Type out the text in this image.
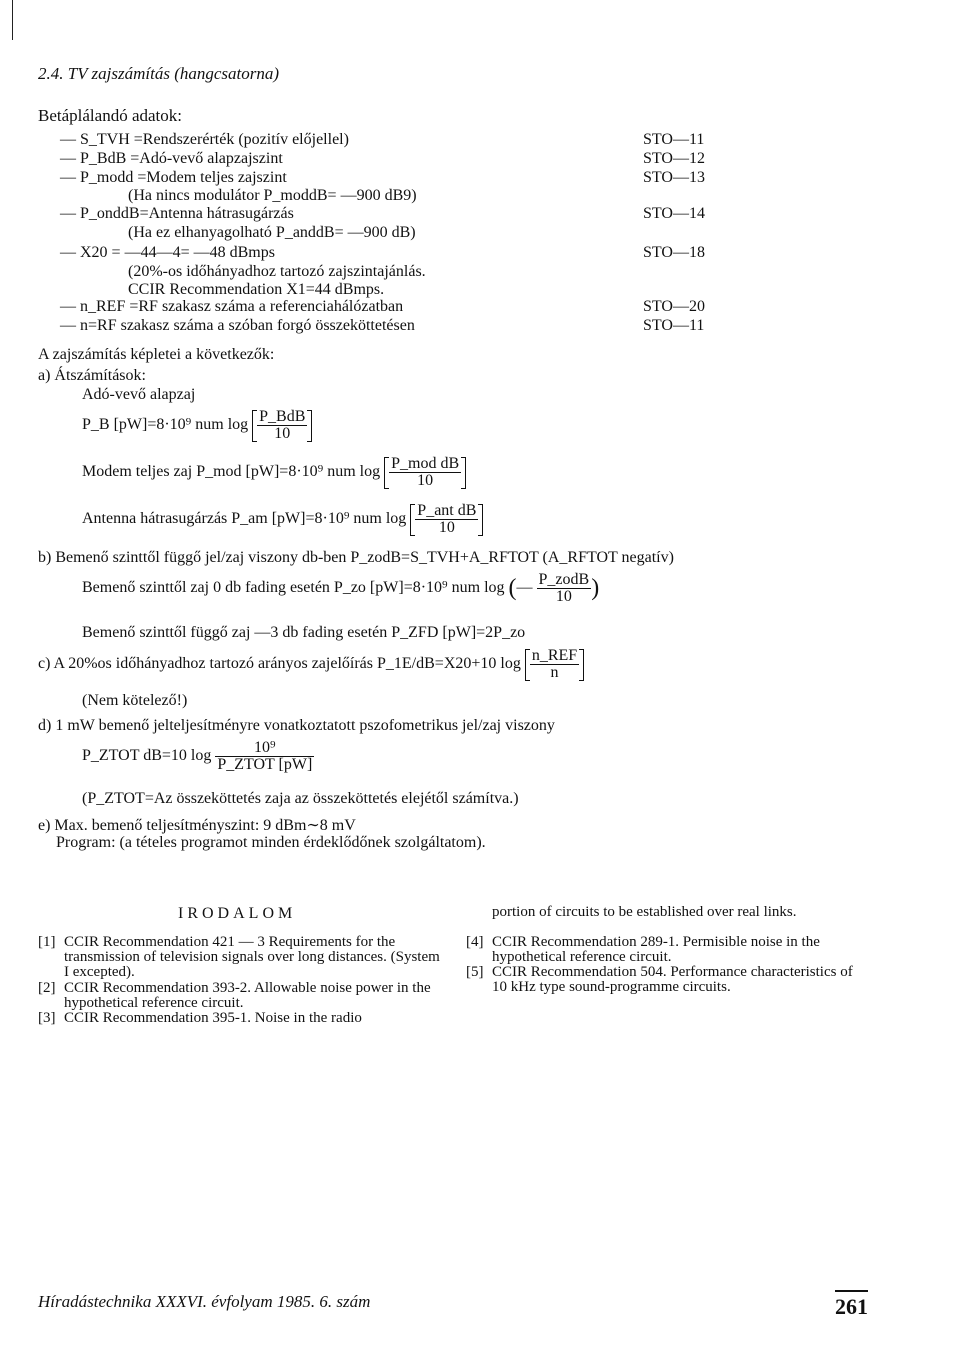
2.4. TV zajszámítás (hangcsatorna)
Betáplálandó adatok:
— S_TVH =Rendszerérték (pozitív előjellel)	STO—11
— P_BdB =Adó-vevő alapzajszint	STO—12
— P_modd =Modem teljes zajszint	STO—13
(Ha nincs modulátor P_moddB= —900 dB9)
— P_onddB=Antenna hátrasugárzás	STO—14
(Ha ez elhanyagolható P_anddB= —900 dB)
— X20 = —44—4= —48 dBmps	STO—18
(20%-os időhányadhoz tartozó zajszintajánlás.
CCIR Recommendation X1=44 dBmps.
— n_REF =RF szakasz száma a referenciahálózatban	STO—20
— n=RF szakasz száma a szóban forgó összeköttetésen	STO—11
A zajszámítás képletei a következők:
a) Átszámítások:
Adó-vevő alapzaj
P_B [pW]=8·10⁹ num $\log \frac{\text{P\_BdB}}{10}$
Modem teljes zaj P_mod [pW]=8·10⁹ num $\log \frac{\text{P\_mod dB}}{10}$
Antenna hátrasugárzás P_am [pW]=8·10⁹ num $\log \frac{\text{P\_ant dB}}{10}$
b) Bemenő szinttől függő jel/zaj viszony db-ben P_zodB=S_TVH+A_RFTOT (A_RFTOT negatív)
Bemenő szinttől zaj 0 db fading esetén P_zo [pW]=8·10⁹ num log (— $\frac{\text{P\_zodB}}{10}$ )
Bemenő szinttől függő zaj —3 db fading esetén P_ZFD [pW]=2P_zo
c) A 20%os időhányadhoz tartozó arányos zajelőírás P_1E/dB=X20+10 $\log \frac{\text{n\_REF}}{n}$
(Nem kötelező!)
d) 1 mW bemenő jelteljesítményre vonatkoztatott pszofometrikus jel/zaj viszony
P_ZTOT dB=10 $\log \frac{\text{10⁹}}{\text{P\_ZTOT [pW]}}$
(P_ZTOT=Az összeköttetés zaja az összeköttetés elejétől számítva.)
e) Max. bemenő teljesítményszint: 9 dBm∼8 mV
Program: (a tételes programot minden érdeklődőnek szolgáltatom).
IRODALOM
[1] CCIR Recommendation 421 — 3 Requirements for the transmission of television signals over long distances. (System I excepted).
[2] CCIR Recommendation 393-2. Allowable noise power in the hypothetical reference circuit.
[3] CCIR Recommendation 395-1. Noise in the radio
portion of circuits to be established over real links.
[4] CCIR Recommendation 289-1. Permisible noise in the hypothetical reference circuit.
[5] CCIR Recommendation 504. Performance characteristics of 10 kHz type sound-programme circuits.
Híradástechnika XXXVI. évfolyam 1985. 6. szám	261
